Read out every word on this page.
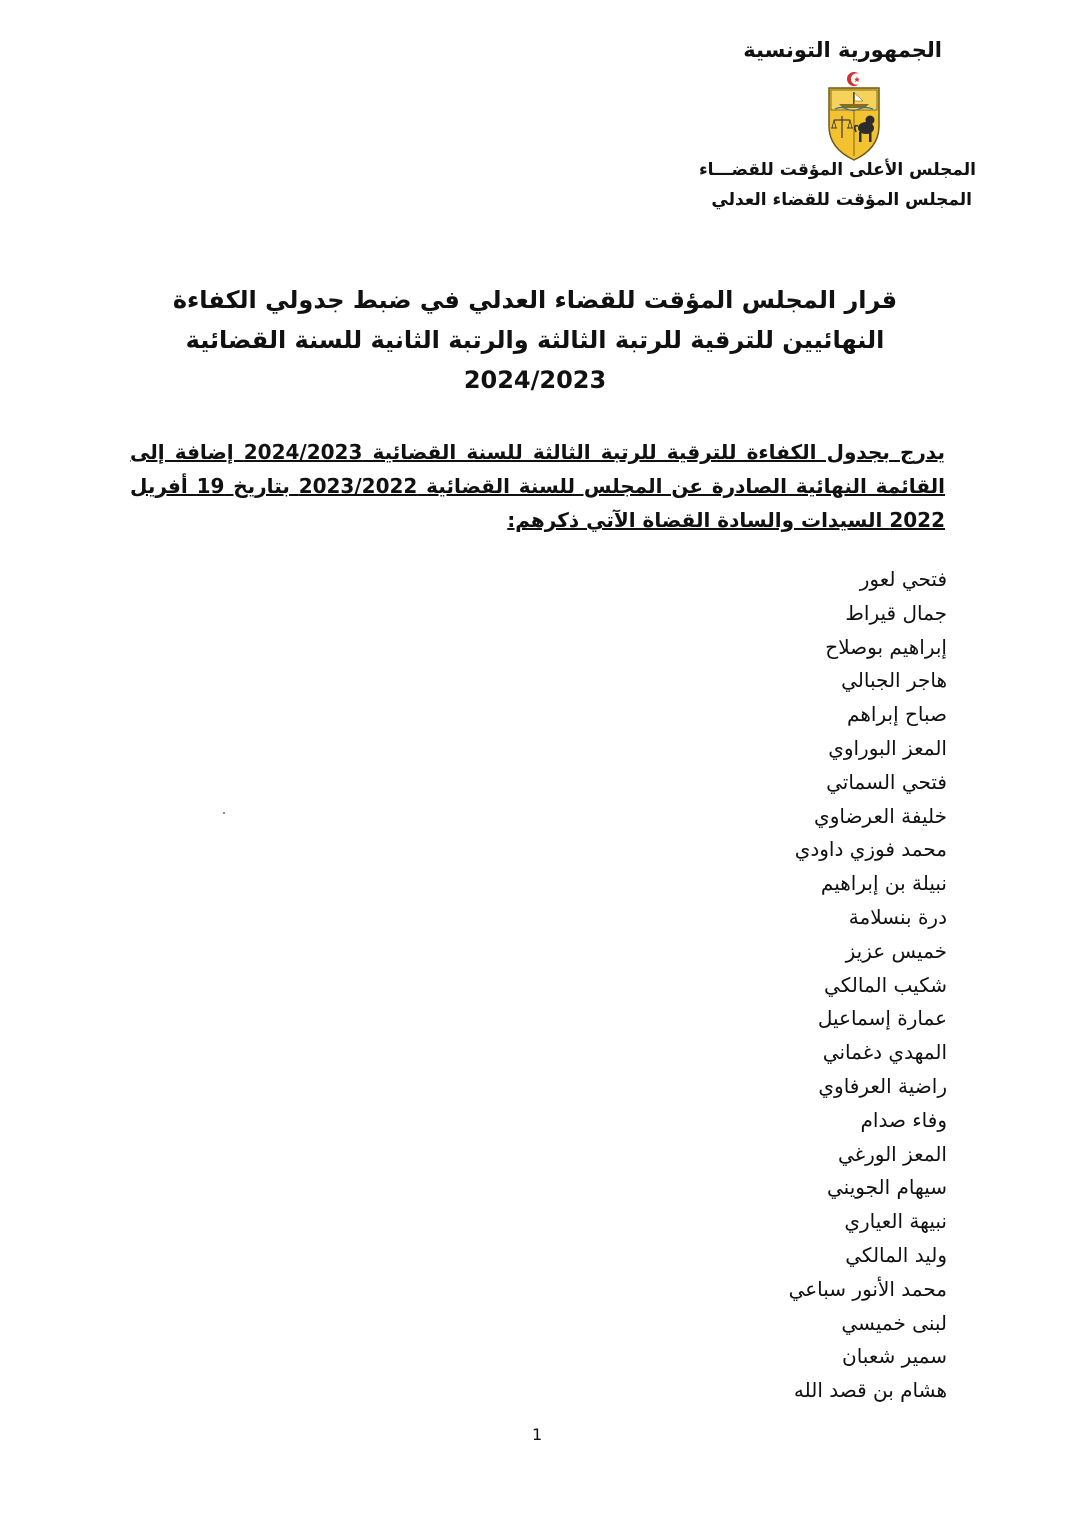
الجمهورية التونسية
المجلس الأعلى المؤقت للقضـــاء
المجلس المؤقت للقضاء العدلي
قرار المجلس المؤقت للقضاء العدلي في ضبط جدولي الكفاءة النهائيين للترقية للرتبة الثالثة والرتبة الثانية للسنة القضائية 2024/2023
يدرج بجدول الكفاءة للترقية للرتبة الثالثة للسنة القضائية 2024/2023 إضافة إلى القائمة النهائية الصادرة عن المجلس للسنة القضائية 2023/2022 بتاريخ 19 أفريل 2022 السيدات والسادة القضاة الآتي ذكرهم:
فتحي لعور
جمال قيراط
إبراهيم بوصلاح
هاجر الجبالي
صباح إبراهم
المعز البوراوي
فتحي السماتي
خليفة العرضاوي
محمد فوزي داودي
نبيلة بن إبراهيم
درة بنسلامة
خميس عزيز
شكيب المالكي
عمارة إسماعيل
المهدي دغماني
راضية العرفاوي
وفاء صدام
المعز الورغي
سيهام الجويني
نبيهة العياري
وليد المالكي
محمد الأنور سباعي
لبنى خميسي
سمير شعبان
هشام بن قصد الله
1
